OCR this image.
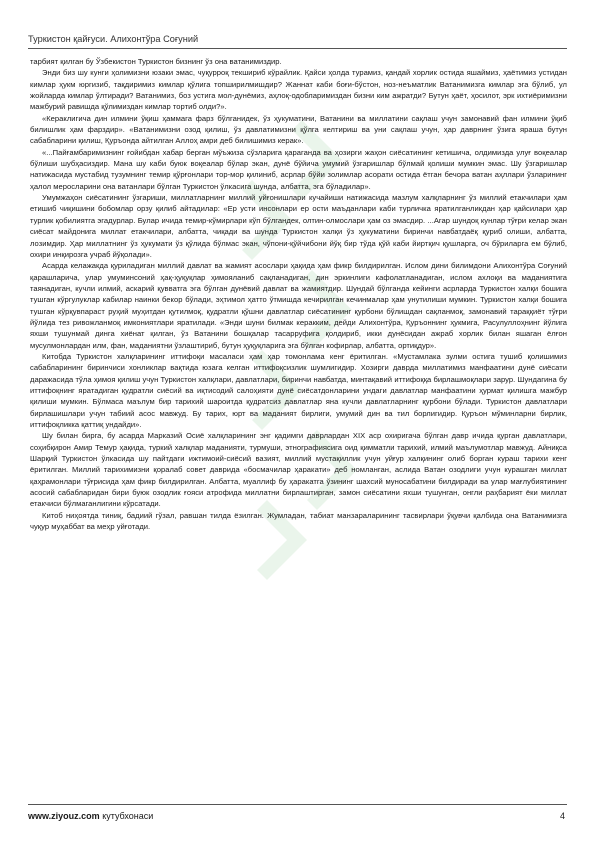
Туркистон қайғуси. Алихонтўра Соғуний

тарбият қилган бу Ўзбекистон Туркистон бизнинг ўз она ватанимиздир.

Энди биз шу кунги ҳолимизни юзаки эмас, чуқурроқ текшириб кўрайлик. Қайси ҳолда турамиз, қандай хорлик остида яшаймиз, ҳаётимиз устидан кимлар ҳукм юргизиб, тақдиримиз кимлар қўлига топширилмишдир? Жаннат каби боғи-бўстон, ноз-неъматлик Ватанимизга кимлар эга бўлиб, ул жойларда кимлар ўлтиради? Ватанимиз, боз устига мол-дунёмиз, аҳлоқ-одобларимиздан бизни ким ажратди? Бутун ҳаёт, ҳосилот, эрк ихтиёримизни мажбурий равишда қўлимиздан кимлар тортиб олди?».

«Кераклигича дин илмини ўқиш ҳаммага фарз бўлганидек, ўз ҳукуматини, Ватанини ва миллатини сақлаш учун замонавий фан илмини ўқиб билишлик ҳам фарздир». «Ватанимизни озод қилиш, ўз давлатимизни қўлга келтириш ва уни сақлаш учун, ҳар даврнинг ўзига яраша бутун сабабларини қилиш, Қуръонда айтилган Аллоҳ амри деб билишимиз керак».

«...Пайғамбаримизнинг ғойибдан хабар берган мўъжиза сўзларига қараганда ва ҳозирги жаҳон сиёсатининг кетишича, олдимизда улуғ воқеалар бўлиши шубҳасиздир. Мана шу каби буюк воқеалар бўлар экан, дунё бўйича умумий ўзгаришлар бўлмай қолиши мумкин эмас. Шу ўзгаришлар натижасида мустабид тузумнинг темир қўрғонлари тор-мор қилиниб, асрлар бўйи золимлар асорати остида ётган бечора ватан аҳллари ўзларининг ҳалол меросларини она ватанлари бўлган Туркистон ўлкасига шунда, албатта, эга бўладилар».

Умумжаҳон сиёсатининг ўзгариши, миллатларнинг миллий уйғонишлари кучайиши натижасида мазлум халқларнинг ўз миллий етакчилари ҳам етишиб чиқишини бобомлар орзу қилиб айтадилар: «Ер усти инсонлари ер ости маъданлари каби турличка яратилганликдан ҳар қайсилари ҳар турлик қобилиятга эгадурлар. Булар ичида темир-кўмирлари кўп бўлгандек, олтин-олмослари ҳам оз эмасдир. ...Агар шундоқ кунлар тўғри келар экан сиёсат майдонига миллат етакчилари, албатта, чиқади ва шунда Туркистон халқи ўз ҳукуматини биринчи навбатдаёқ қуриб олиши, албатта, лозимдир. Ҳар миллатнинг ўз ҳукумати ўз қўлида бўлмас экан, чўпони-қўйчибони йўқ бир тўда қўй каби йиртқич қушларга, оч бўриларга ем бўлиб, охири инқирозга учраб йўқолади».

Асарда келажакда қуриладиган миллий давлат ва жамият асослари ҳақида ҳам фикр билдирилган. Ислом дини билимдони Алихонтўра Соғуний қарашларича, улар умуминсоний ҳақ-ҳуқуқлар ҳимояланиб сақланадиган, дин эркинлиги кафолатланадиган, ислом ахлоқи ва маданиятига таянадиган, кучли илмий, аскарий қувватга эга бўлган дунёвий давлат ва жамиятдир. Шундай бўлганда кейинги асрларда Туркистон халқи бошига тушган кўргулуклар кабилар наинки бекор бўлади, эҳтимол ҳатто ўтмишда кечирилган кечинмалар ҳам унутилиши мумкин. Туркистон халқи бошига тушган кўрқувпараст руҳий муҳитдан қутилмоқ, қудратли қўшни давлатлар сиёсатининг қурбони бўлишдан сақланмоқ, замонавий тараққиёт тўғри йўлида тез ривожланмоқ имкониятлари яратилади. «Энди шуни билмак керакким, дейди Алихонтўра, Қуръоннинг ҳукмига, Расулуллоҳнинг йўлига яхши тушунмай динга хиёнат қилган, ўз Ватанини бошқалар тасарруфига қолдириб, икки дунёсидан ажраб хорлик билан яшаган ёлғон мусулмонлардан илм, фан, маданиятни ўзлаштириб, бутун ҳуқуқларига эга бўлган кофирлар, албатта, ортиқдур».

Китобда Туркистон халқларининг иттифоқи масаласи ҳам ҳар томонлама кенг ёритилган. «Мустамлака зулми остига тушиб қолишимиз сабабларининг биринчиси хонликлар вақтида юзага келган иттифоқсизлик шумлигидир. Хозирги даврда миллатимиз манфаатини дунё сиёсати даражасида тўла ҳимоя қилиш учун Туркистон халқлари, давлатлари, биринчи навбатда, минтақавий иттифоққа бирлашмоқлари зарур. Шундагина бу иттифоқнинг яратадиган қудратли сиёсий ва иқтисодий салоҳияти дунё сиёсатдонларини ундаги давлатлар манфаатини ҳурмат қилишга мажбур қилиши мумкин. Бўлмаса маълум бир тарихий шароитда қудратсиз давлатлар яна кучли давлатларнинг қурбони бўлади. Туркистон давлатлари бирлашишлари учун табиий асос мавжуд. Бу тарих, юрт ва маданият бирлиги, умумий дин ва тил борлигидир. Қуръон мўминларни бирлик, иттифоқликка қаттиқ ундайди».

Шу билан бирга, бу асарда Марказий Осиё халқларининг энг қадимги даврлардан XIX аср охиригача бўлган давр ичида қурган давлатлари, соҳибқирон Амир Темур ҳақида, туркий халқлар маданияти, турмуши, этнографиясига оид қимматли тарихий, илмий маълумотлар мавжуд. Айниқса Шарқий Туркистон ўлкасида шу пайтдаги ижтимоий-сиёсий вазият, миллий мустақиллик учун уйғур халқининг олиб борган кураш тарихи кенг ёритилган. Миллий тарихимизни қоралаб совет даврида «босмачилар ҳаракати» деб номланган, аслида Ватан озодлиги учун курашган миллат қаҳрамонлари тўғрисида ҳам фикр билдирилган. Албатта, муаллиф бу ҳаракатга ўзининг шахсий муносабатини билдиради ва улар мағлубиятининг асосий сабабларидан бири буюк озодлик ғояси атрофида миллатни бирлаштирган, замон сиёсатини яхши тушунган, онгли раҳбарият ёки миллат етакчиси бўлмаганлигини кўрсатади.

Китоб ниҳоятда тиниқ, бадиий гўзал, равшан тилда ёзилган. Жумладан, табиат манзараларининг тасвирлари ўқувчи қалбида она Ватанимизга чуқур муҳаббат ва меҳр уйғотади.

www.ziyouz.com кутубхонаси	4
